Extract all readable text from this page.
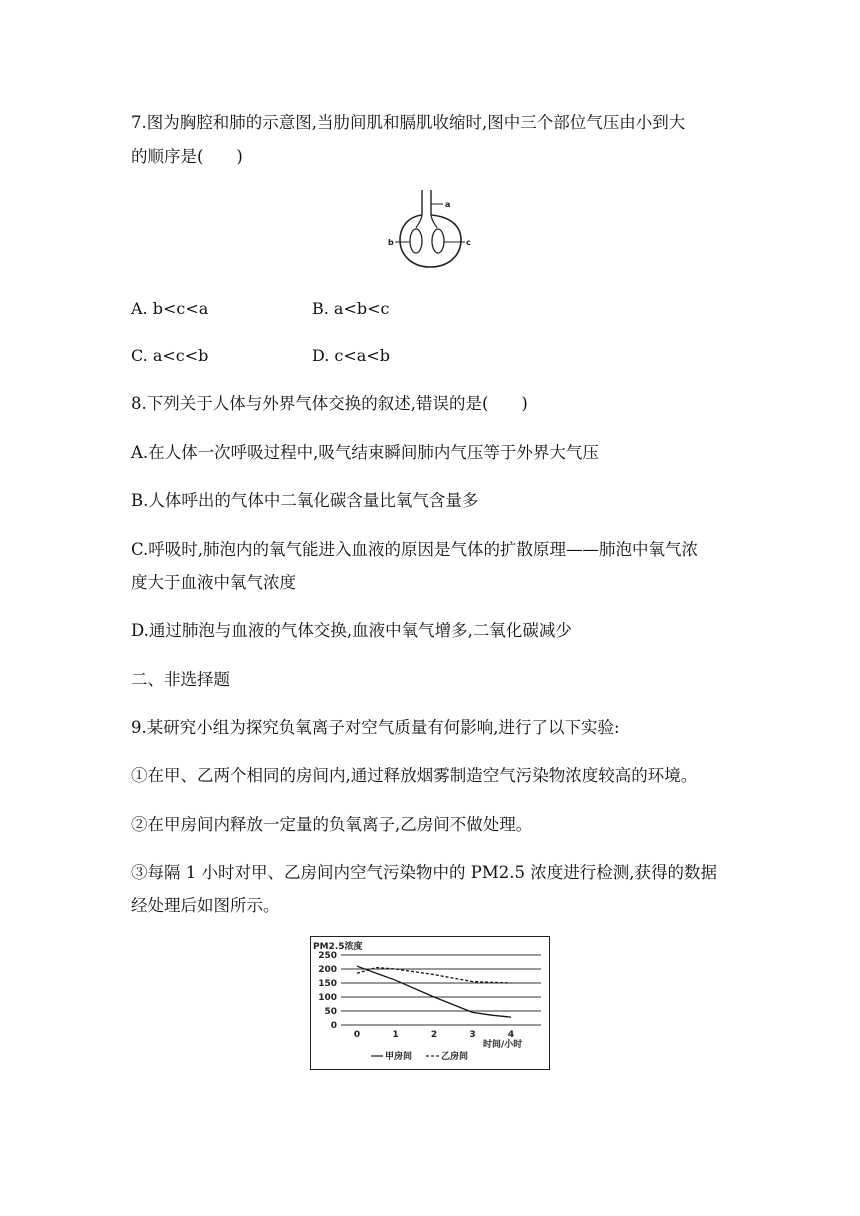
7.图为胸腔和肺的示意图,当肋间肌和膈肌收缩时,图中三个部位气压由小到大
的顺序是(　　)
a
b	c
A. b<c<a	B. a<b<c
C. a<c<b	D. c<a<b
8.下列关于人体与外界气体交换的叙述,错误的是(　　)
A.在人体一次呼吸过程中,吸气结束瞬间肺内气压等于外界大气压
B.人体呼出的气体中二氧化碳含量比氧气含量多
C.呼吸时,肺泡内的氧气能进入血液的原因是气体的扩散原理——肺泡中氧气浓
度大于血液中氧气浓度
D.通过肺泡与血液的气体交换,血液中氧气增多,二氧化碳减少
二、非选择题
9.某研究小组为探究负氧离子对空气质量有何影响,进行了以下实验:
①在甲、乙两个相同的房间内,通过释放烟雾制造空气污染物浓度较高的环境。
②在甲房间内释放一定量的负氧离子,乙房间不做处理。
③每隔 1 小时对甲、乙房间内空气污染物中的 PM2.5 浓度进行检测,获得的数据
经处理后如图所示。
PM2.5浓度
0
50
100
150
200
250
0	1	2	3	4
时间/小时
甲房间	乙房间
